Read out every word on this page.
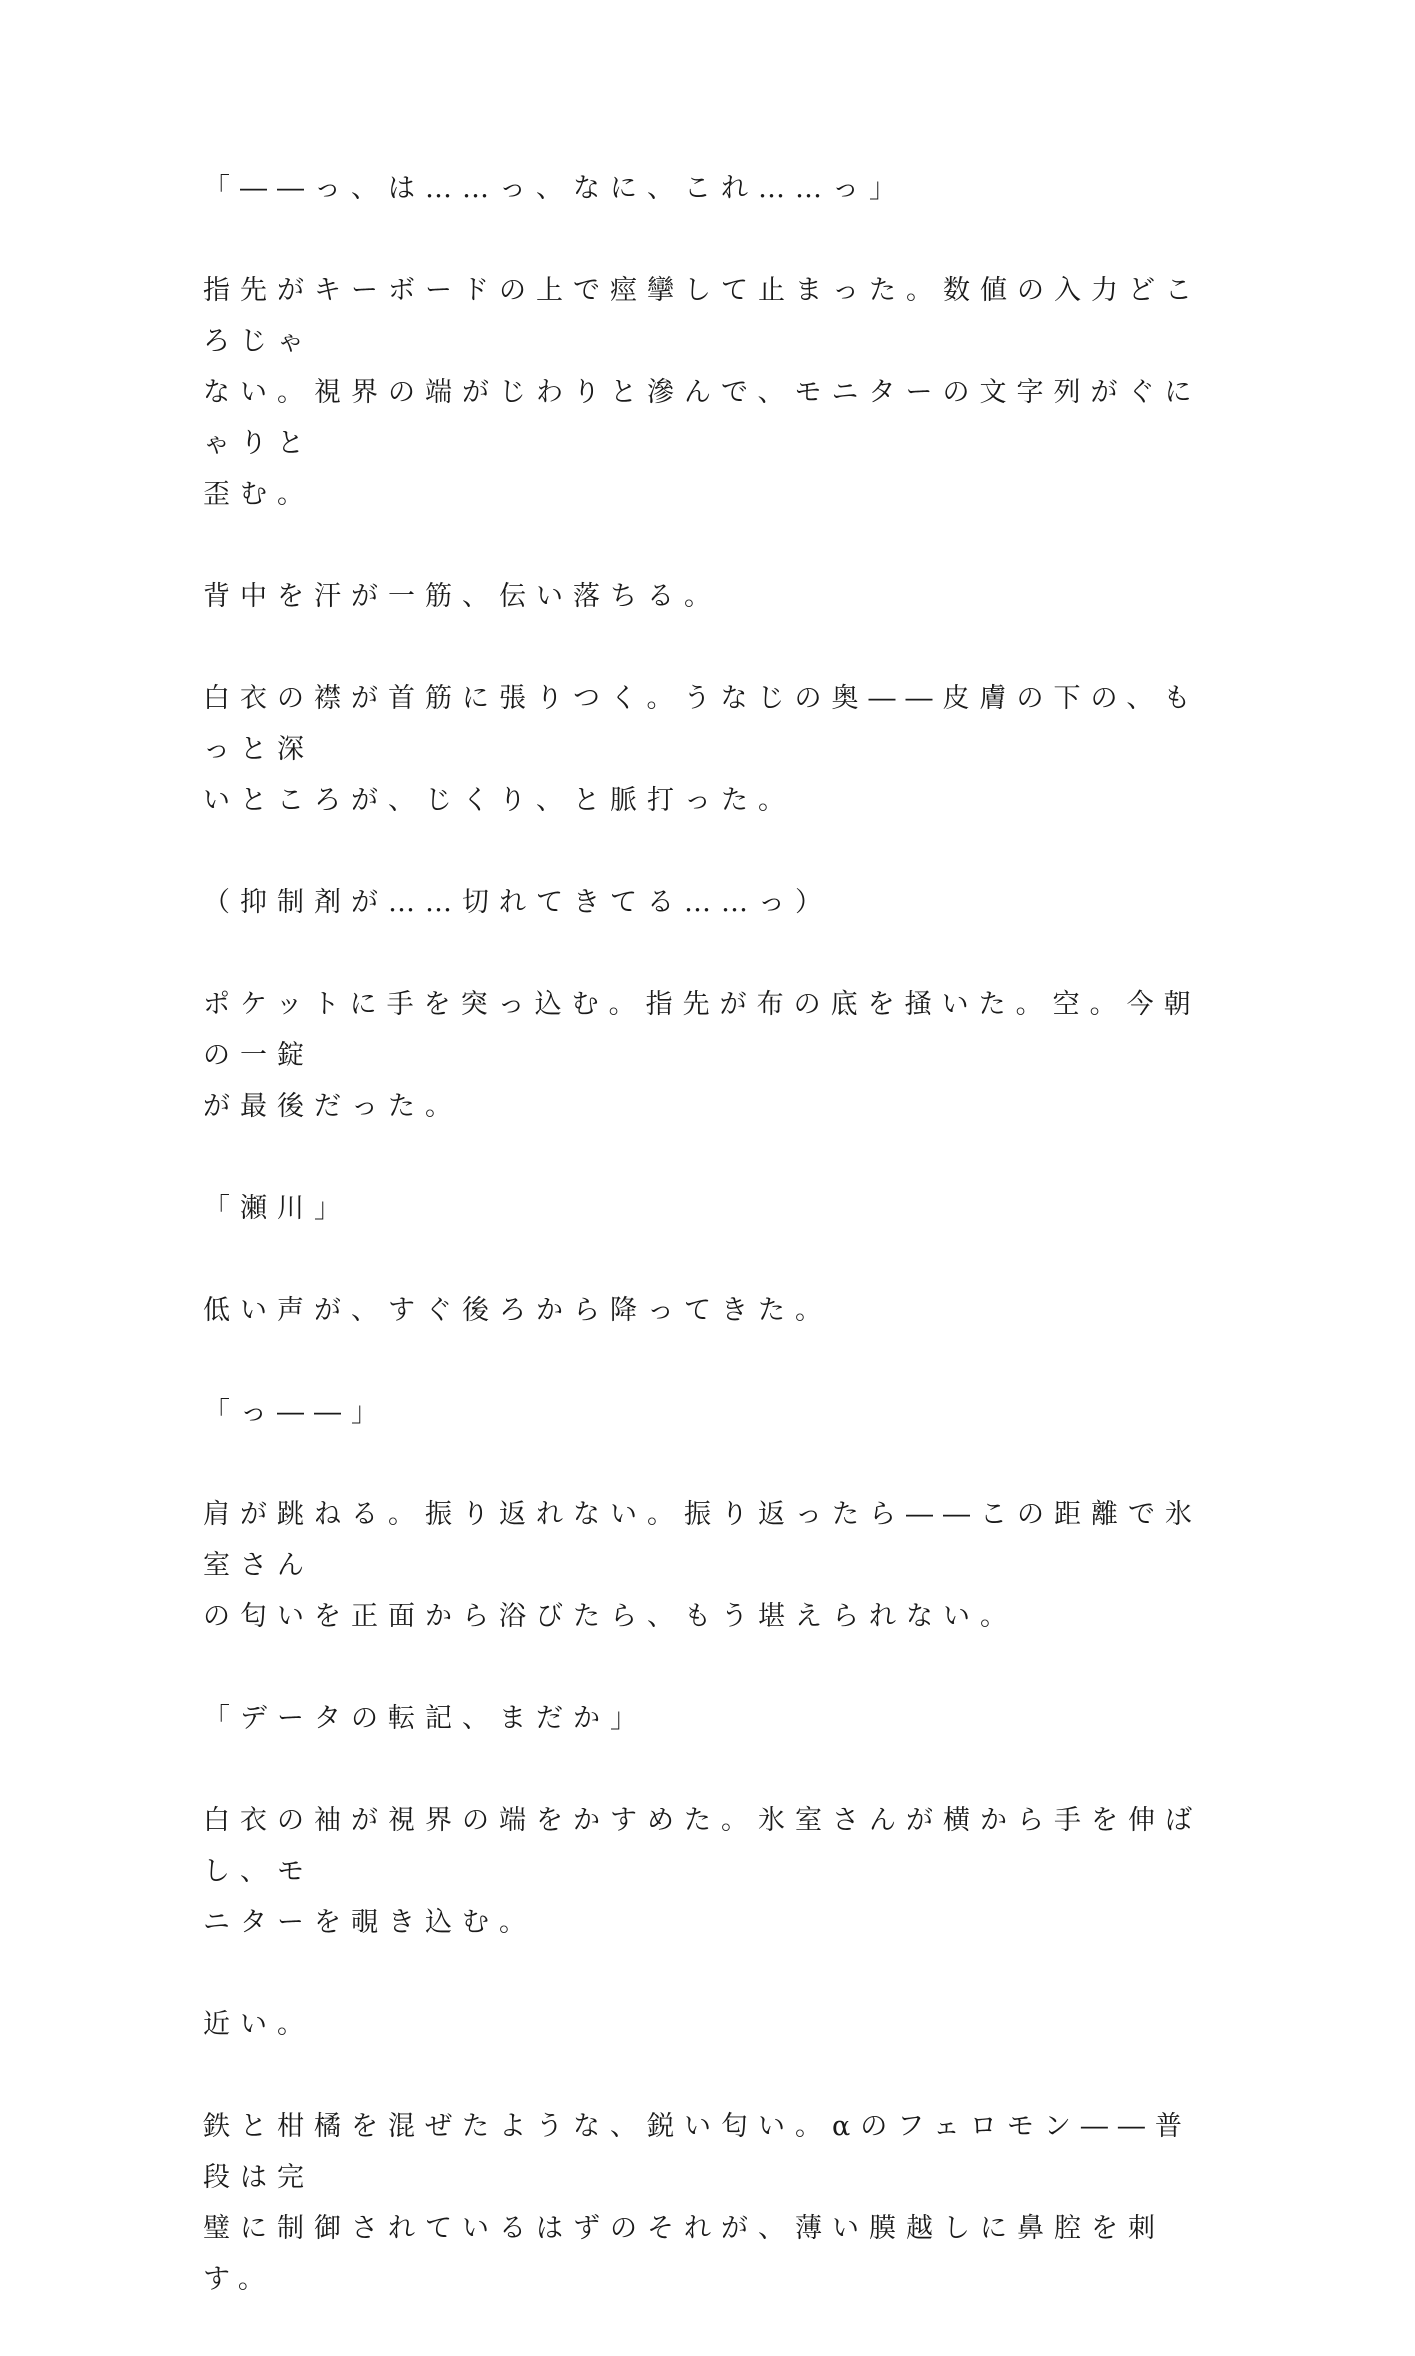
「――っ、は……っ、なに、これ……っ」

指先がキーボードの上で痙攣して止まった。数値の入力どころじゃ
ない。視界の端がじわりと滲んで、モニターの文字列がぐにゃりと
歪む。

背中を汗が一筋、伝い落ちる。

白衣の襟が首筋に張りつく。うなじの奥――皮膚の下の、もっと深
いところが、じくり、と脈打った。

（抑制剤が……切れてきてる……っ）

ポケットに手を突っ込む。指先が布の底を掻いた。空。今朝の一錠
が最後だった。

「瀬川」

低い声が、すぐ後ろから降ってきた。

「っ――」

肩が跳ねる。振り返れない。振り返ったら――この距離で氷室さん
の匂いを正面から浴びたら、もう堪えられない。

「データの転記、まだか」

白衣の袖が視界の端をかすめた。氷室さんが横から手を伸ばし、モ
ニターを覗き込む。

近い。

鉄と柑橘を混ぜたような、鋭い匂い。αのフェロモン――普段は完
璧に制御されているはずのそれが、薄い膜越しに鼻腔を刺す。
